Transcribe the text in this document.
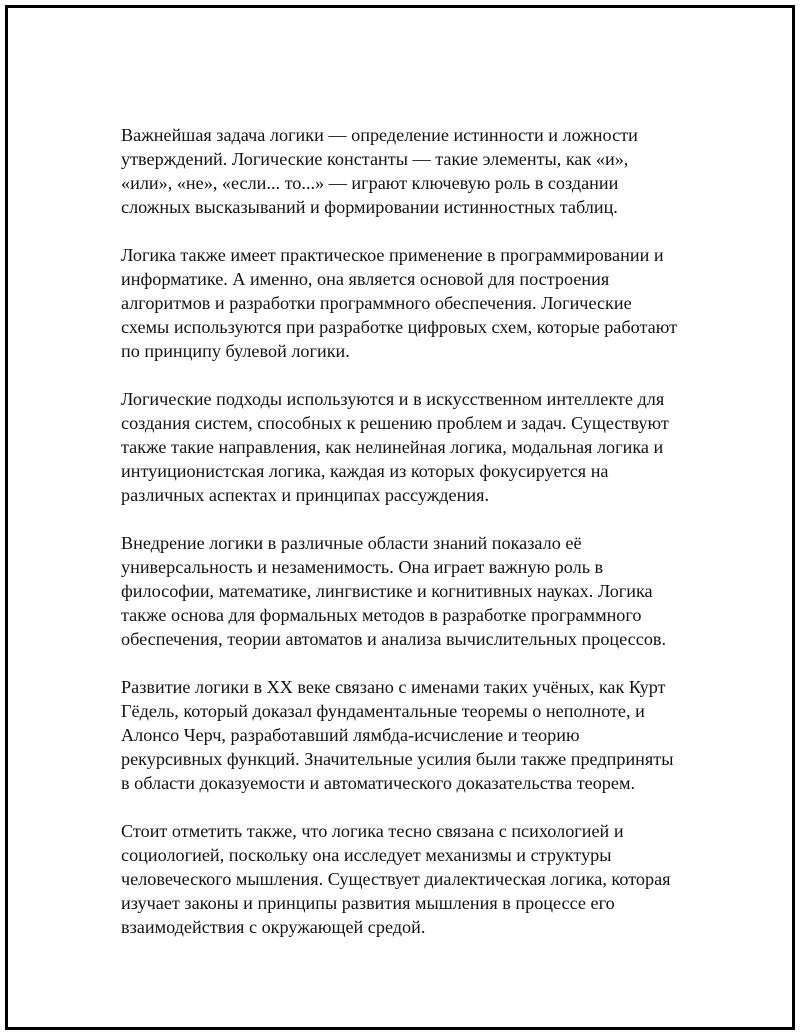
Важнейшая задача логики — определение истинности и ложности
утверждений. Логические константы — такие элементы, как «и»,
«или», «не», «если... то...» — играют ключевую роль в создании
сложных высказываний и формировании истинностных таблиц.

Логика также имеет практическое применение в программировании и
информатике. А именно, она является основой для построения
алгоритмов и разработки программного обеспечения. Логические
схемы используются при разработке цифровых схем, которые работают
по принципу булевой логики.

Логические подходы используются и в искусственном интеллекте для
создания систем, способных к решению проблем и задач. Существуют
также такие направления, как нелинейная логика, модальная логика и
интуиционистская логика, каждая из которых фокусируется на
различных аспектах и принципах рассуждения.

Внедрение логики в различные области знаний показало её
универсальность и незаменимость. Она играет важную роль в
философии, математике, лингвистике и когнитивных науках. Логика
также основа для формальных методов в разработке программного
обеспечения, теории автоматов и анализа вычислительных процессов.

Развитие логики в XX веке связано с именами таких учёных, как Курт
Гёдель, который доказал фундаментальные теоремы о неполноте, и
Алонсо Черч, разработавший лямбда-исчисление и теорию
рекурсивных функций. Значительные усилия были также предприняты
в области доказуемости и автоматического доказательства теорем.

Стоит отметить также, что логика тесно связана с психологией и
социологией, поскольку она исследует механизмы и структуры
человеческого мышления. Существует диалектическая логика, которая
изучает законы и принципы развития мышления в процессе его
взаимодействия с окружающей средой.
